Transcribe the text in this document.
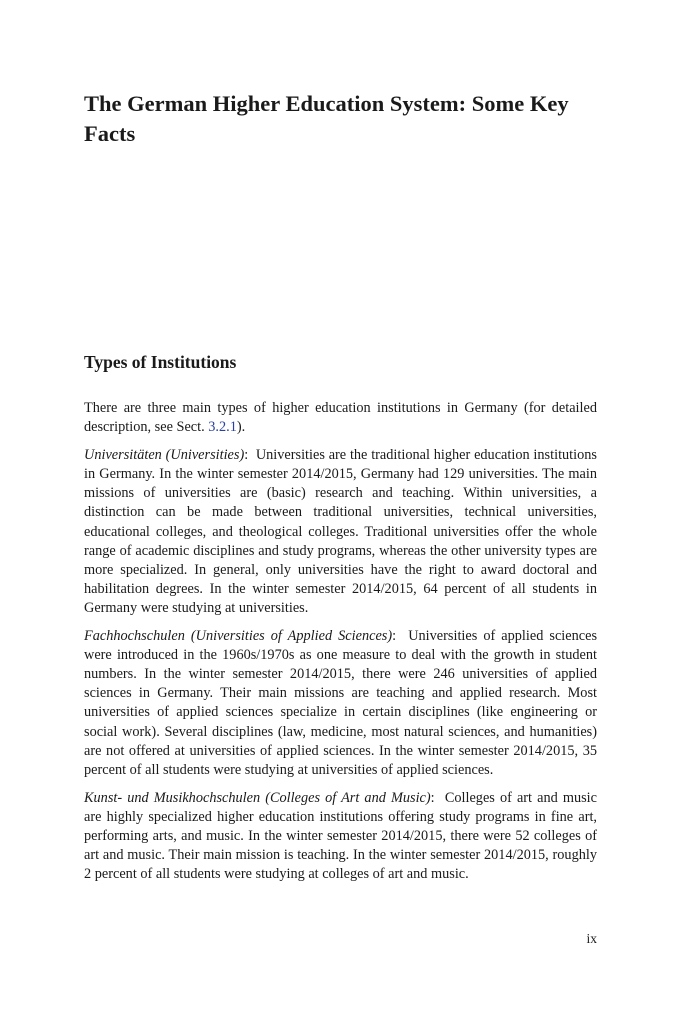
The German Higher Education System: Some Key Facts
Types of Institutions

There are three main types of higher education institutions in Germany (for detailed description, see Sect. 3.2.1).

Universitäten (Universities): Universities are the traditional higher education institutions in Germany. In the winter semester 2014/2015, Germany had 129 universities. The main missions of universities are (basic) research and teaching. Within universities, a distinction can be made between traditional universities, technical universities, educational colleges, and theological colleges. Traditional universities offer the whole range of academic disciplines and study programs, whereas the other university types are more specialized. In general, only universities have the right to award doctoral and habilitation degrees. In the winter semester 2014/2015, 64 percent of all students in Germany were studying at universities.

Fachhochschulen (Universities of Applied Sciences): Universities of applied sciences were introduced in the 1960s/1970s as one measure to deal with the growth in student numbers. In the winter semester 2014/2015, there were 246 universities of applied sciences in Germany. Their main missions are teaching and applied research. Most universities of applied sciences specialize in certain disciplines (like engineering or social work). Several disciplines (law, medicine, most natural sciences, and humanities) are not offered at universities of applied sciences. In the winter semester 2014/2015, 35 percent of all students were studying at universities of applied sciences.

Kunst- und Musikhochschulen (Colleges of Art and Music): Colleges of art and music are highly specialized higher education institutions offering study programs in fine art, performing arts, and music. In the winter semester 2014/2015, there were 52 colleges of art and music. Their main mission is teaching. In the winter semester 2014/2015, roughly 2 percent of all students were studying at colleges of art and music.

ix
